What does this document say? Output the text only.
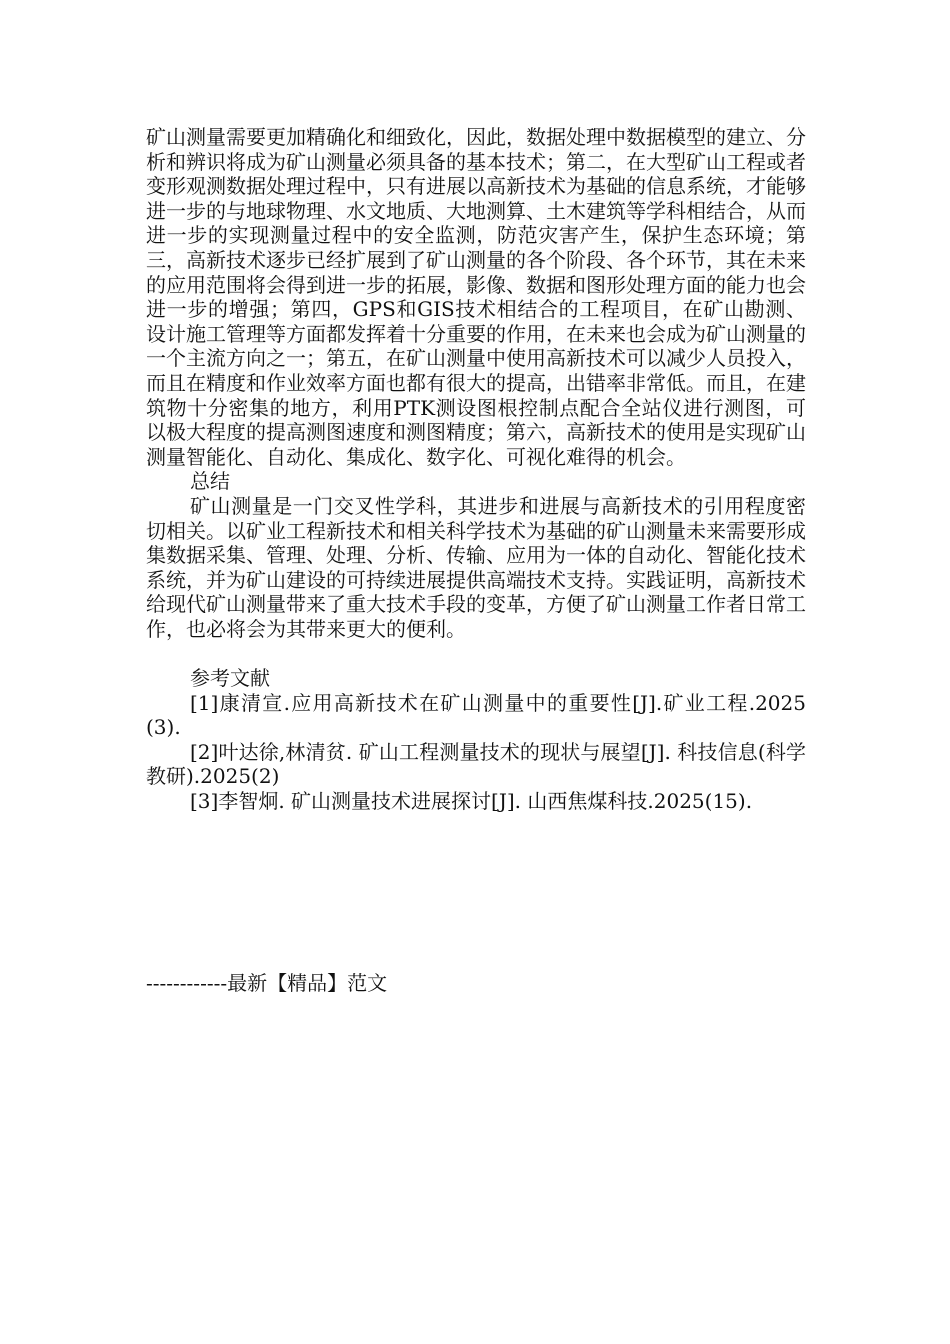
矿山测量需要更加精确化和细致化，因此，数据处理中数据模型的建立、分析和辨识将成为矿山测量必须具备的基本技术；第二，在大型矿山工程或者变形观测数据处理过程中，只有进展以高新技术为基础的信息系统，才能够进一步的与地球物理、水文地质、大地测算、土木建筑等学科相结合，从而进一步的实现测量过程中的安全监测，防范灾害产生，保护生态环境；第三，高新技术逐步已经扩展到了矿山测量的各个阶段、各个环节，其在未来的应用范围将会得到进一步的拓展，影像、数据和图形处理方面的能力也会进一步的增强；第四，GPS和GIS技术相结合的工程项目，在矿山勘测、设计施工管理等方面都发挥着十分重要的作用，在未来也会成为矿山测量的一个主流方向之一；第五，在矿山测量中使用高新技术可以减少人员投入，而且在精度和作业效率方面也都有很大的提高，出错率非常低。而且，在建筑物十分密集的地方，利用PTK测设图根控制点配合全站仪进行测图，可以极大程度的提高测图速度和测图精度；第六，高新技术的使用是实现矿山测量智能化、自动化、集成化、数字化、可视化难得的机会。

总结

矿山测量是一门交叉性学科，其进步和进展与高新技术的引用程度密切相关。以矿业工程新技术和相关科学技术为基础的矿山测量未来需要形成集数据采集、管理、处理、分析、传输、应用为一体的自动化、智能化技术系统，并为矿山建设的可持续进展提供高端技术支持。实践证明，高新技术给现代矿山测量带来了重大技术手段的变革，方便了矿山测量工作者日常工作，也必将会为其带来更大的便利。

参考文献

[1]康清宣.应用高新技术在矿山测量中的重要性[J].矿业工程.2025(3).

[2]叶达徐,林清贫. 矿山工程测量技术的现状与展望[J]. 科技信息(科学教研).2025(2)

[3]李智炯. 矿山测量技术进展探讨[J]. 山西焦煤科技.2025(15).

------------最新【精品】范文
